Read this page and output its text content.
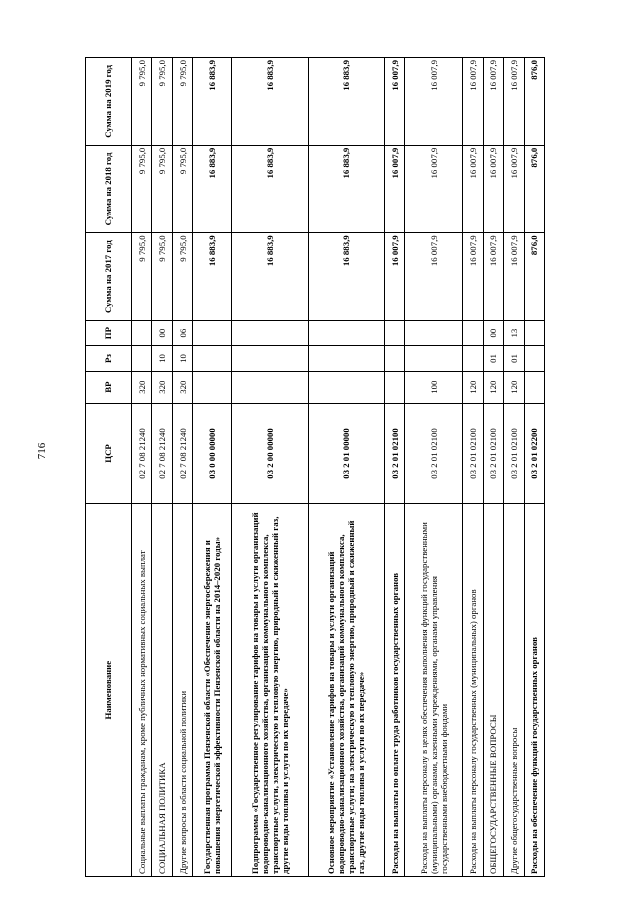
716
Наименование	ЦСР	ВР	Рз	ПР	Сумма на 2017 год	Сумма на 2018 год	Сумма на 2019 год
Социальные выплаты гражданам, кроме публичных нормативных социальных выплат	02 7 08 21240	320			9 795,0	9 795,0	9 795,0
СОЦИАЛЬНАЯ ПОЛИТИКА	02 7 08 21240	320	10	00	9 795,0	9 795,0	9 795,0
Другие вопросы в области социальной политики	02 7 08 21240	320	10	06	9 795,0	9 795,0	9 795,0
Государственная программа Пензенской области «Обеспечение энергосбережения и повышения энергетической эффективности Пензенской области на 2014–2020 годы»	03 0 00 00000				16 883,9	16 883,9	16 883,9
Подпрограмма «Государственное регулирование тарифов на товары и услуги организаций водопроводно-канализационного хозяйства, организаций коммунального комплекса, транспортные услуги, электрическую и тепловую энергию, природный и сжиженный газ, другие виды топлива и услуги по их передаче»	03 2 00 00000				16 883,9	16 883,9	16 883,9
Основное мероприятие «Установление тарифов на товары и услуги организаций водопроводно-канализационного хозяйства, организаций коммунального комплекса, транспортные услуги; на электрическую и тепловую энергию, природный и сжиженный газ, другие виды топлива и услуги по их передаче»	03 2 01 00000				16 883,9	16 883,9	16 883,9
Расходы на выплаты по оплате труда работников государственных органов	03 2 01 02100				16 007,9	16 007,9	16 007,9
Расходы на выплаты персоналу в целях обеспечения выполнения функций государственными (муниципальными) органами, казенными учреждениями, органами управления государственными внебюджетными фондами	03 2 01 02100	100			16 007,9	16 007,9	16 007,9
Расходы на выплаты персоналу государственных (муниципальных) органов	03 2 01 02100	120			16 007,9	16 007,9	16 007,9
ОБЩЕГОСУДАРСТВЕННЫЕ ВОПРОСЫ	03 2 01 02100	120	01	00	16 007,9	16 007,9	16 007,9
Другие общегосударственные вопросы	03 2 01 02100	120	01	13	16 007,9	16 007,9	16 007,9
Расходы на обеспечение функций государственных органов	03 2 01 02200				876,0	876,0	876,0
